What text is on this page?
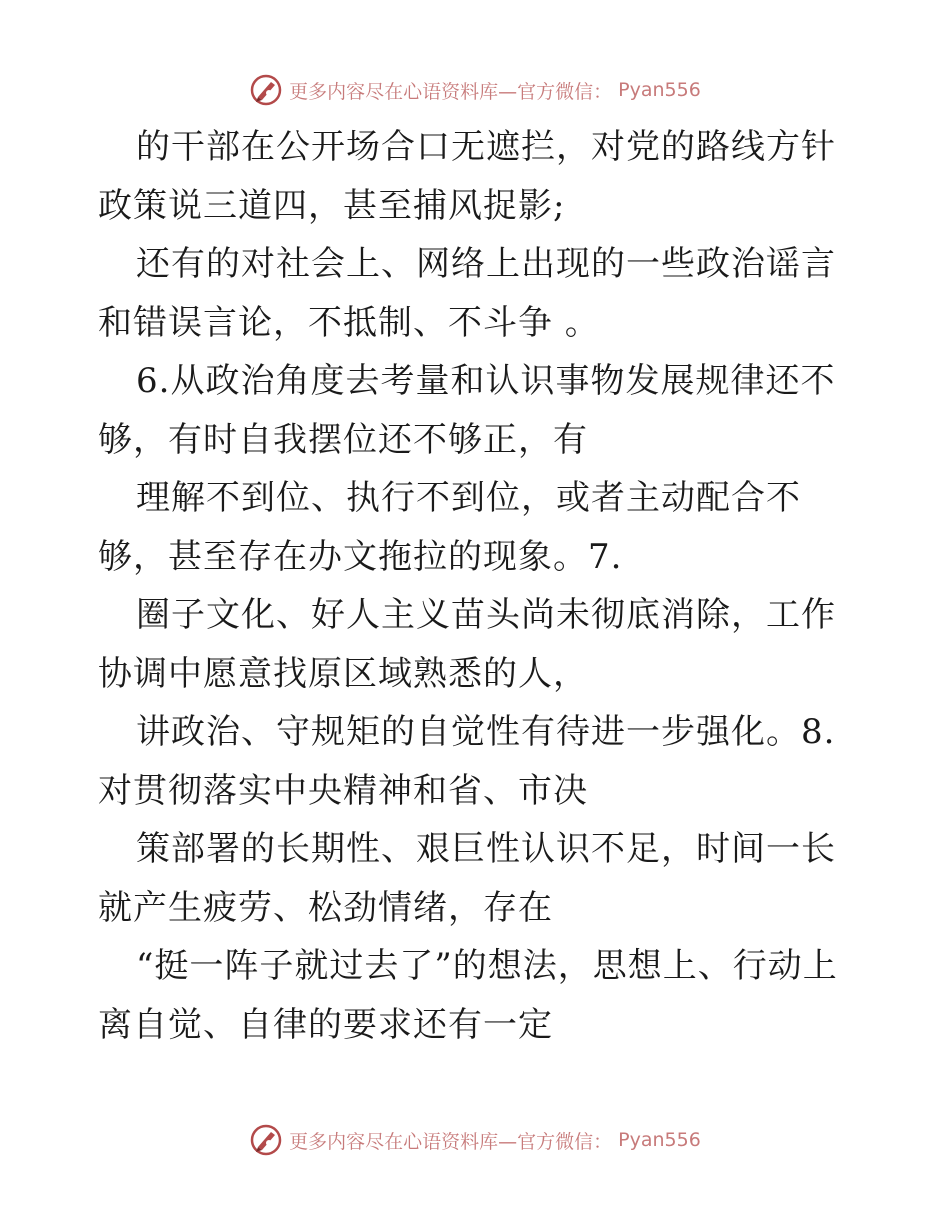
更多内容尽在心语资料库—官方微信： Pyan556

的干部在公开场合口无遮拦，对党的路线方针政策说三道四，甚至捕风捉影;

还有的对社会上、网络上出现的一些政治谣言和错误言论，不抵制、不斗争 。

6.从政治角度去考量和认识事物发展规律还不够，有时自我摆位还不够正，有

理解不到位、执行不到位，或者主动配合不够，甚至存在办文拖拉的现象。7.

圈子文化、好人主义苗头尚未彻底消除，工作协调中愿意找原区域熟悉的人，

讲政治、守规矩的自觉性有待进一步强化。8.对贯彻落实中央精神和省、市决

策部署的长期性、艰巨性认识不足，时间一长就产生疲劳、松劲情绪，存在

“挺一阵子就过去了”的想法，思想上、行动上离自觉、自律的要求还有一定

更多内容尽在心语资料库—官方微信： Pyan556
